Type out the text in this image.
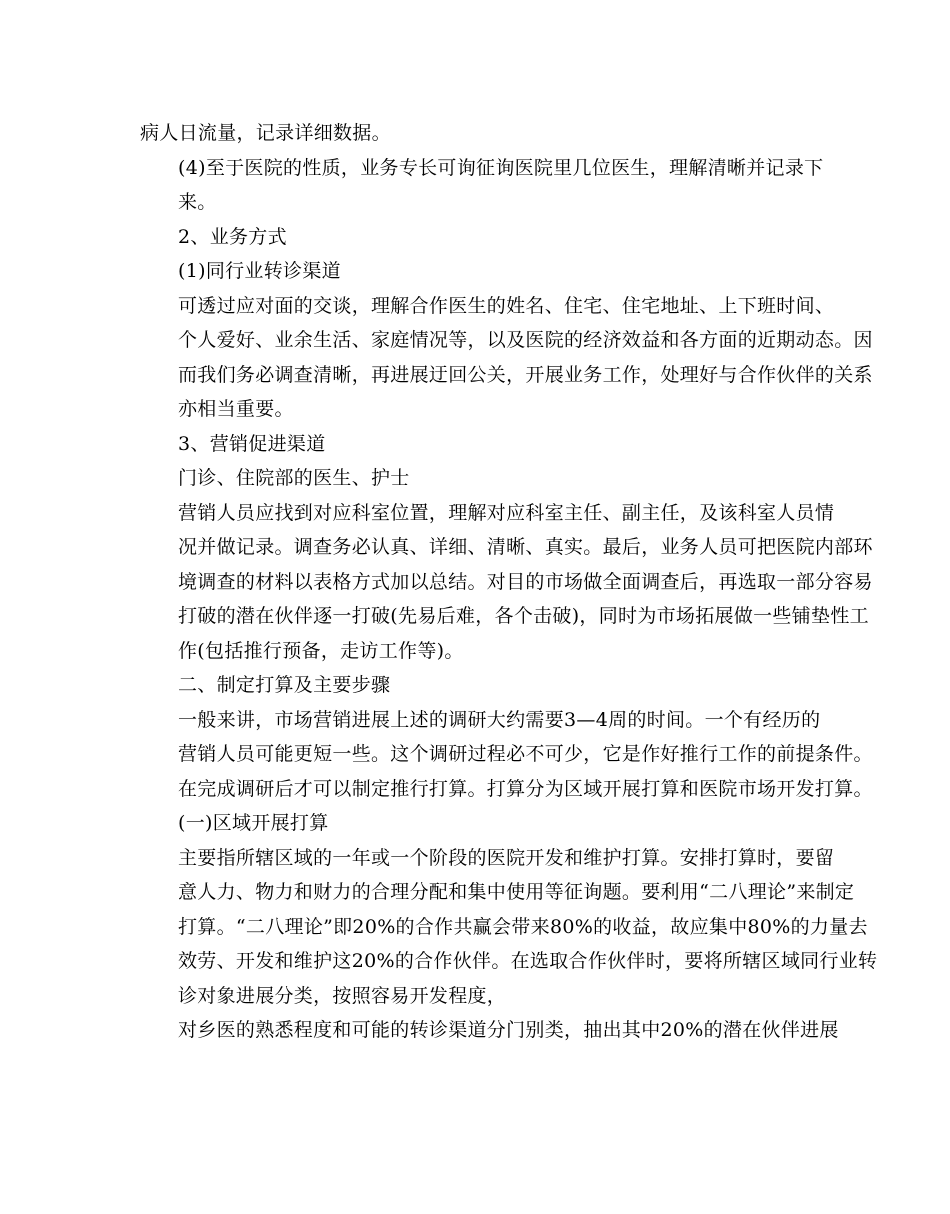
病人日流量，记录详细数据。

(4)至于医院的性质，业务专长可询征询医院里几位医生，理解清晰并记录下
来。

2、业务方式

(1)同行业转诊渠道

可透过应对面的交谈，理解合作医生的姓名、住宅、住宅地址、上下班时间、
个人爱好、业余生活、家庭情况等，以及医院的经济效益和各方面的近期动态。因
而我们务必调查清晰，再进展迂回公关，开展业务工作，处理好与合作伙伴的关系
亦相当重要。

3、营销促进渠道

门诊、住院部的医生、护士

营销人员应找到对应科室位置，理解对应科室主任、副主任，及该科室人员情
况并做记录。调查务必认真、详细、清晰、真实。最后，业务人员可把医院内部环
境调查的材料以表格方式加以总结。对目的市场做全面调查后，再选取一部分容易
打破的潜在伙伴逐一打破(先易后难，各个击破)，同时为市场拓展做一些铺垫性工
作(包括推行预备，走访工作等)。

二、制定打算及主要步骤

一般来讲，市场营销进展上述的调研大约需要3—4周的时间。一个有经历的
营销人员可能更短一些。这个调研过程必不可少，它是作好推行工作的前提条件。
在完成调研后才可以制定推行打算。打算分为区域开展打算和医院市场开发打算。

(一)区域开展打算

主要指所辖区域的一年或一个阶段的医院开发和维护打算。安排打算时，要留
意人力、物力和财力的合理分配和集中使用等征询题。要利用“二八理论”来制定
打算。“二八理论”即20%的合作共赢会带来80%的收益，故应集中80%的力量去
效劳、开发和维护这20%的合作伙伴。在选取合作伙伴时，要将所辖区域同行业转
诊对象进展分类，按照容易开发程度，

对乡医的熟悉程度和可能的转诊渠道分门别类，抽出其中20%的潜在伙伴进展
